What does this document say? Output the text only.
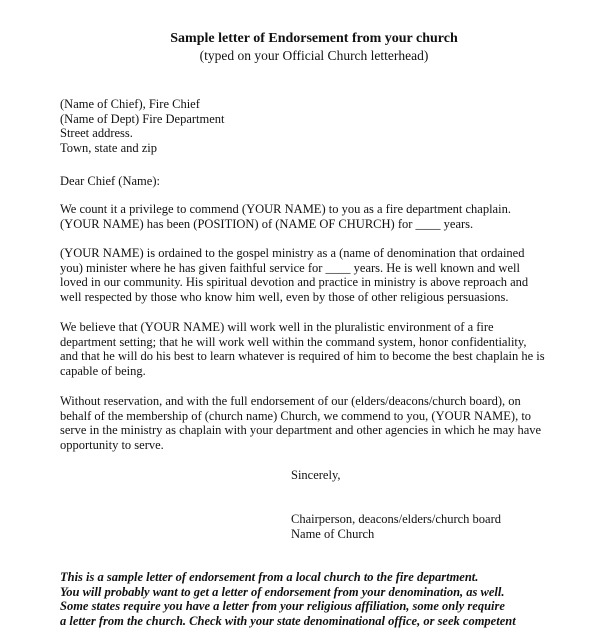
Sample letter of Endorsement from your church
(typed on your Official Church letterhead)
(Name of Chief), Fire Chief
(Name of Dept) Fire Department
Street address.
Town, state and zip
Dear Chief (Name):
We count it a privilege to commend (YOUR NAME) to you as a fire department chaplain.
(YOUR NAME) has been (POSITION) of (NAME OF CHURCH) for ____ years.
(YOUR NAME) is ordained to the gospel ministry as a (name of denomination that ordained
you) minister where he has given faithful service for ____ years. He is well known and well
loved in our community. His spiritual devotion and practice in ministry is above reproach and
well respected by those who know him well, even by those of other religious persuasions.
We believe that (YOUR NAME) will work well in the pluralistic environment of a fire
department setting; that he will work well within the command system, honor confidentiality,
and that he will do his best to learn whatever is required of him to become the best chaplain he is
capable of being.
Without reservation, and with the full endorsement of our (elders/deacons/church board), on
behalf of the membership of (church name) Church, we commend to you, (YOUR NAME), to
serve in the ministry as chaplain with your department and other agencies in which he may have
opportunity to serve.
Sincerely,
Chairperson, deacons/elders/church board
Name of Church
This is a sample letter of endorsement from a local church to the fire department.
You will probably want to get a letter of endorsement from your denomination, as well.
Some states require you have a letter from your religious affiliation, some only require
a letter from the church. Check with your state denominational office, or seek competent
